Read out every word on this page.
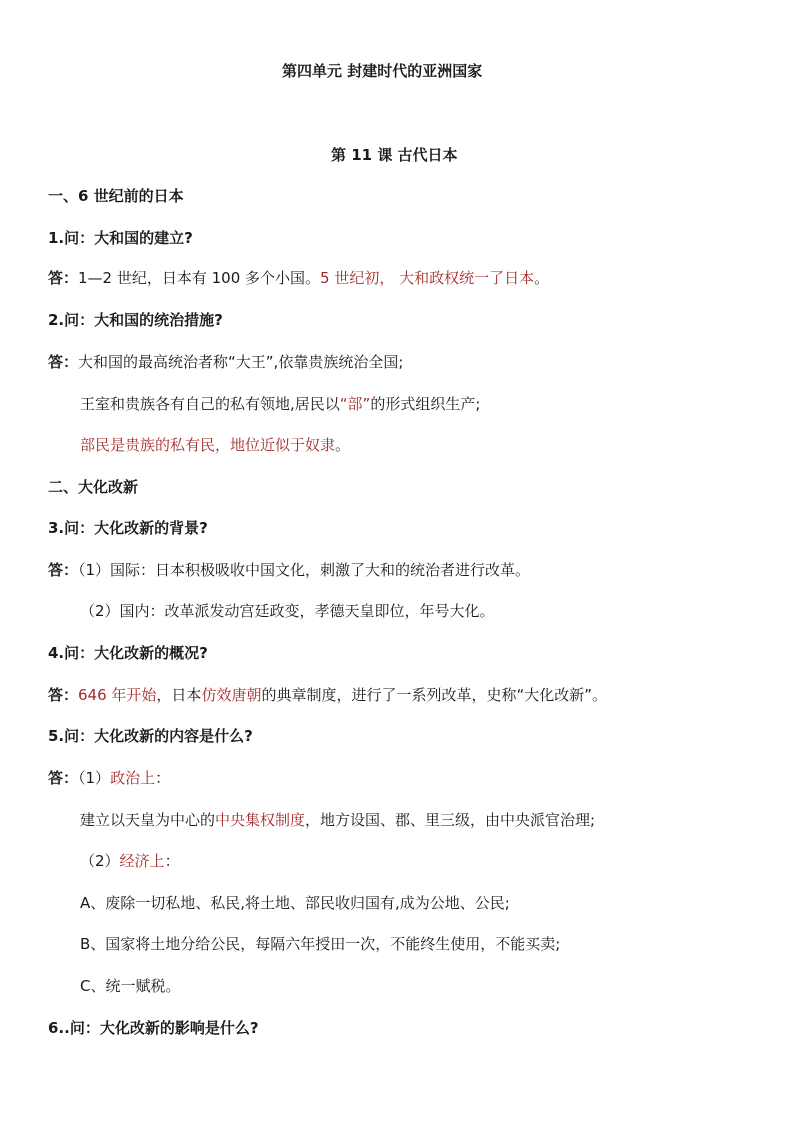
第四单元 封建时代的亚洲国家
第 11 课 古代日本
一、6 世纪前的日本
1.问：大和国的建立?
答：1—2 世纪，日本有 100 多个小国。5 世纪初， 大和政权统一了日本。
2.问：大和国的统治措施?
答：大和国的最高统治者称“大王”,依靠贵族统治全国;
王室和贵族各有自己的私有领地,居民以“部”的形式组织生产;
部民是贵族的私有民，地位近似于奴隶。
二、大化改新
3.问：大化改新的背景?
答：（1）国际：日本积极吸收中国文化，刺激了大和的统治者进行改革。
（2）国内：改革派发动宫廷政变，孝德天皇即位，年号大化。
4.问：大化改新的概况?
答：646 年开始，日本仿效唐朝的典章制度，进行了一系列改革，史称“大化改新”。
5.问：大化改新的内容是什么?
答：（1）政治上：
建立以天皇为中心的中央集权制度，地方设国、郡、里三级，由中央派官治理;
（2）经济上：
A、废除一切私地、私民,将土地、部民收归国有,成为公地、公民;
B、国家将土地分给公民，每隔六年授田一次，不能终生使用，不能买卖;
C、统一赋税。
6..问：大化改新的影响是什么?
